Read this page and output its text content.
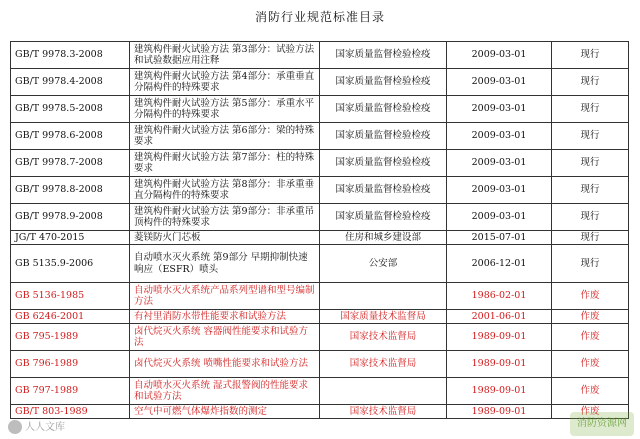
消防行业规范标准目录
GB/T 9978.3-2008	建筑构件耐火试验方法 第3部分：试验方法和试验数据应用注释	国家质量监督检验检疫	2009-03-01	现行
GB/T 9978.4-2008	建筑构件耐火试验方法 第4部分：承重垂直分隔构件的特殊要求	国家质量监督检验检疫	2009-03-01	现行
GB/T 9978.5-2008	建筑构件耐火试验方法 第5部分：承重水平分隔构件的特殊要求	国家质量监督检验检疫	2009-03-01	现行
GB/T 9978.6-2008	建筑构件耐火试验方法 第6部分：梁的特殊要求	国家质量监督检验检疫	2009-03-01	现行
GB/T 9978.7-2008	建筑构件耐火试验方法 第7部分：柱的特殊要求	国家质量监督检验检疫	2009-03-01	现行
GB/T 9978.8-2008	建筑构件耐火试验方法 第8部分：非承重垂直分隔构件的特殊要求	国家质量监督检验检疫	2009-03-01	现行
GB/T 9978.9-2008	建筑构件耐火试验方法 第9部分：非承重吊顶构件的特殊要求	国家质量监督检验检疫	2009-03-01	现行
JG/T 470-2015	菱镁防火门芯板	住房和城乡建设部	2015-07-01	现行
GB 5135.9-2006	自动喷水灭火系统 第9部分 早期抑制快速响应（ESFR）喷头	公安部	2006-12-01	现行
GB 5136-1985	自动喷水灭火系统产品系列型谱和型号编制方法		1986-02-01	作废
GB 6246-2001	有衬里消防水带性能要求和试验方法	国家质量技术监督局	2001-06-01	作废
GB 795-1989	卤代烷灭火系统 容器阀性能要求和试验方法	国家技术监督局	1989-09-01	作废
GB 796-1989	卤代烷灭火系统 喷嘴性能要求和试验方法	国家技术监督局	1989-09-01	作废
GB 797-1989	自动喷水灭火系统 湿式报警阀的性能要求和试验方法		1989-09-01	作废
GB/T 803-1989	空气中可燃气体爆炸指数的测定	国家技术监督局	1989-09-01	作废
人人文库	消防资源网
